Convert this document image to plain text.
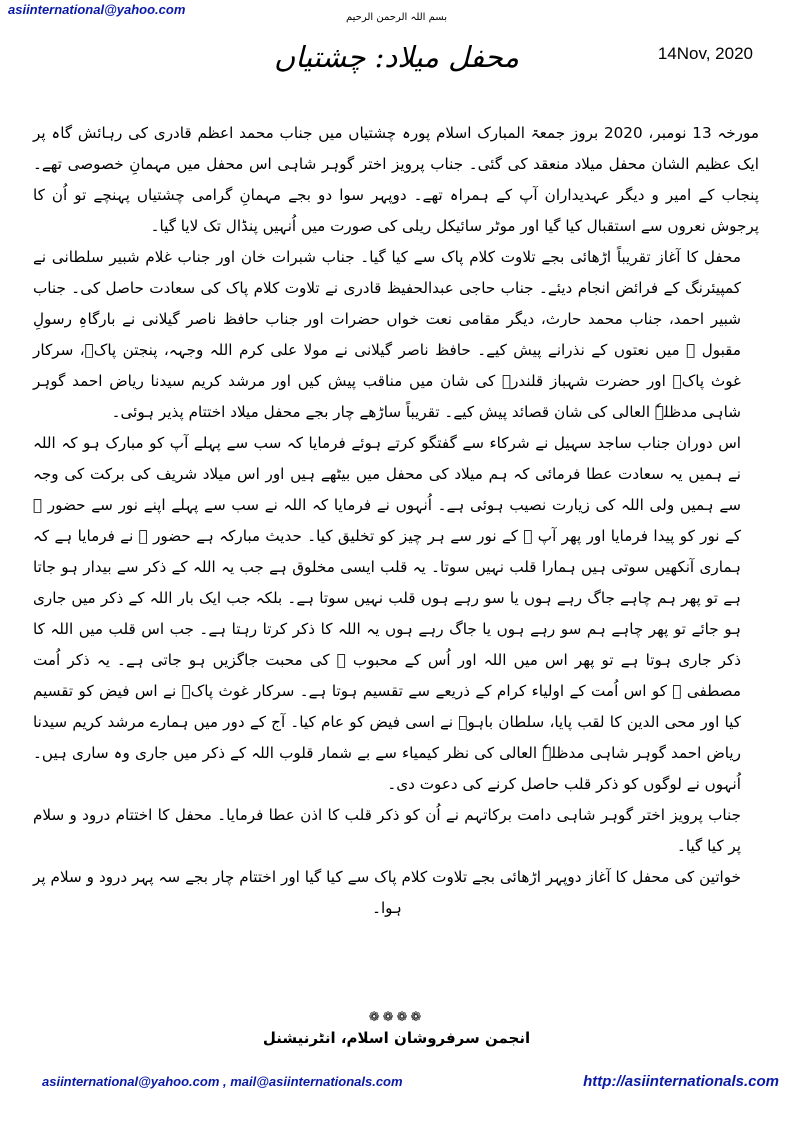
asiinternational@yahoo.com
بسم اللہ الرحمن الرحیم
محفل میلاد: چشتیاں	14Nov, 2020

مورخہ 13 نومبر، 2020 بروز جمعۃ المبارک اسلام پورہ چشتیاں میں جناب محمد اعظم قادری کی رہائش گاہ پر ایک عظیم الشان محفل میلاد منعقد کی گئی۔ جناب پرویز اختر گوہر شاہی اس محفل میں مہمانِ خصوصی تھے۔ پنجاب کے امیر و دیگر عہدیداران آپ کے ہمراہ تھے۔ دوپہر سوا دو بجے مہمانِ گرامی چشتیاں پہنچے تو اُن کا پرجوش نعروں سے استقبال کیا گیا اور موٹر سائیکل ریلی کی صورت میں اُنہیں پنڈال تک لایا گیا۔

محفل کا آغاز تقریباً اڑھائی بجے تلاوت کلام پاک سے کیا گیا۔ جناب شبرات خان اور جناب غلام شبیر سلطانی نے کمپیئرنگ کے فرائض انجام دیئے۔ جناب حاجی عبدالحفیظ قادری نے تلاوت کلام پاک کی سعادت حاصل کی۔ جناب شبیر احمد، جناب محمد حارث، دیگر مقامی نعت خواں حضرات اور جناب حافظ ناصر گیلانی نے بارگاہِ رسولِ مقبول ﷺ میں نعتوں کے نذرانے پیش کیے۔ حافظ ناصر گیلانی نے مولا علی کرم اللہ وجہہ، پنجتن پاکؑ، سرکار غوث پاکؓ اور حضرت شہباز قلندرؒ کی شان میں مناقب پیش کیں اور مرشد کریم سیدنا ریاض احمد گوہر شاہی مدظلہٗ العالی کی شان قصائد پیش کیے۔ تقریباً ساڑھے چار بجے محفل میلاد اختتام پذیر ہوئی۔

اس دوران جناب ساجد سہیل نے شرکاء سے گفتگو کرتے ہوئے فرمایا کہ سب سے پہلے آپ کو مبارک ہو کہ اللہ نے ہمیں یہ سعادت عطا فرمائی کہ ہم میلاد کی محفل میں بیٹھے ہیں اور اس میلاد شریف کی برکت کی وجہ سے ہمیں ولی اللہ کی زیارت نصیب ہوئی ہے۔ اُنہوں نے فرمایا کہ اللہ نے سب سے پہلے اپنے نور سے حضور ﷺ کے نور کو پیدا فرمایا اور پھر آپ ﷺ کے نور سے ہر چیز کو تخلیق کیا۔ حدیث مبارکہ ہے حضور ﷺ نے فرمایا ہے کہ ہماری آنکھیں سوتی ہیں ہمارا قلب نہیں سوتا۔ یہ قلب ایسی مخلوق ہے جب یہ اللہ کے ذکر سے بیدار ہو جاتا ہے تو پھر ہم چاہے جاگ رہے ہوں یا سو رہے ہوں قلب نہیں سوتا ہے۔ بلکہ جب ایک بار اللہ کے ذکر میں جاری ہو جائے تو پھر چاہے ہم سو رہے ہوں یا جاگ رہے ہوں یہ اللہ کا ذکر کرتا رہتا ہے۔ جب اس قلب میں اللہ کا ذکر جاری ہوتا ہے تو پھر اس میں اللہ اور اُس کے محبوب ﷺ کی محبت جاگزیں ہو جاتی ہے۔ یہ ذکر اُمت مصطفی ﷺ کو اس اُمت کے اولیاء کرام کے ذریعے سے تقسیم ہوتا ہے۔ سرکار غوث پاکؓ نے اس فیض کو تقسیم کیا اور محی الدین کا لقب پایا، سلطان باہوؒ نے اسی فیض کو عام کیا۔ آج کے دور میں ہمارے مرشد کریم سیدنا ریاض احمد گوہر شاہی مدظلہٗ العالی کی نظر کیمیاء سے بے شمار قلوب اللہ کے ذکر میں جاری وہ ساری ہیں۔ اُنہوں نے لوگوں کو ذکر قلب حاصل کرنے کی دعوت دی۔

جناب پرویز اختر گوہر شاہی دامت برکاتہم نے اُن کو ذکر قلب کا اذن عطا فرمایا۔ محفل کا اختتام درود و سلام پر کیا گیا۔

خواتین کی محفل کا آغاز دوپہر اڑھائی بجے تلاوت کلام پاک سے کیا گیا اور اختتام چار بجے سہ پہر درود و سلام پر ہوا۔

❁❁❁❁
انجمن سرفروشان اسلام، انٹرنیشنل
asiinternational@yahoo.com , mail@asiinternationals.com	http://asiinternationals.com
